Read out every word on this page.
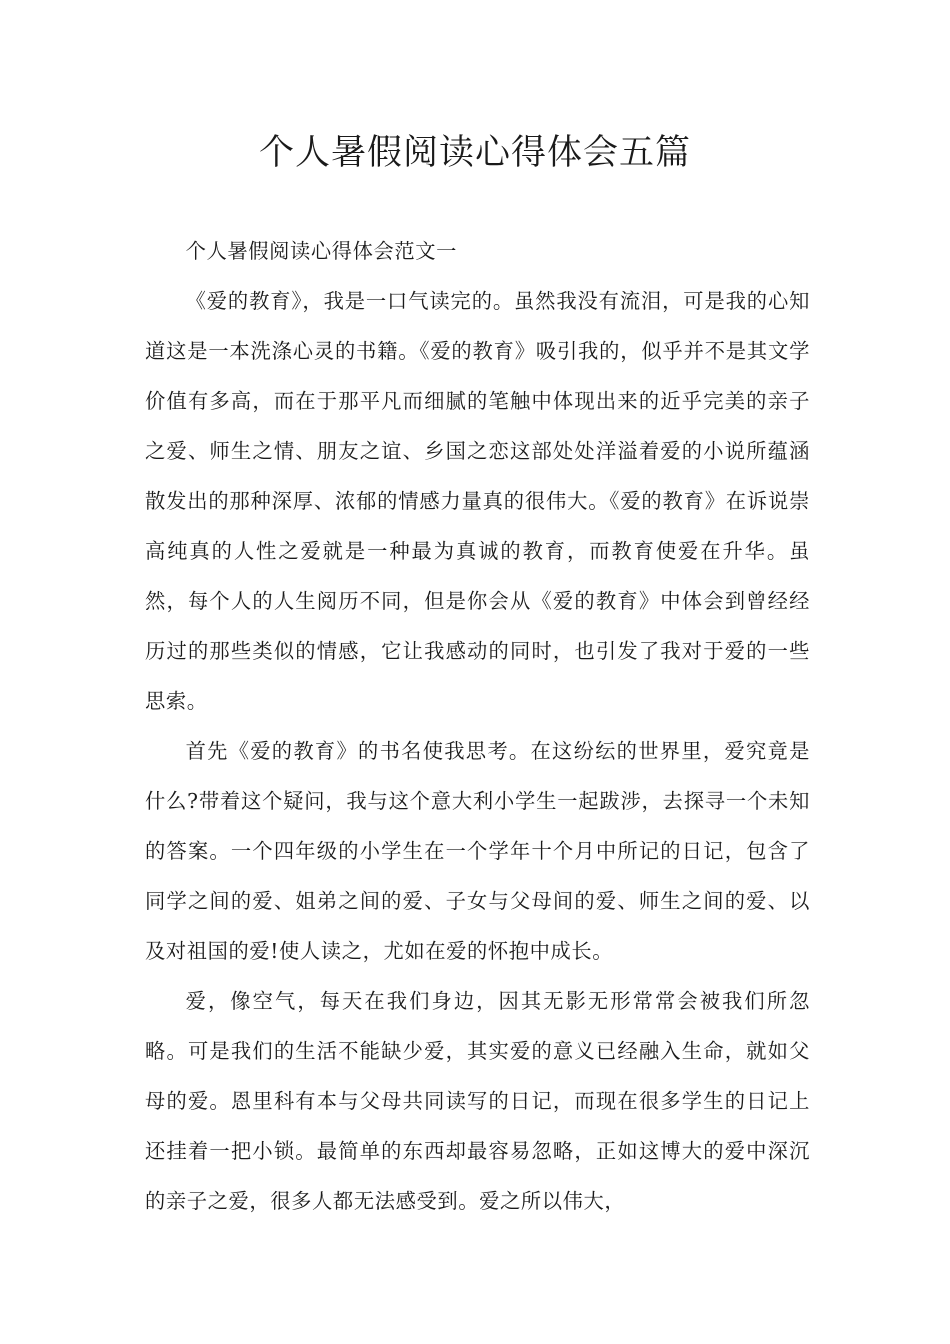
个人暑假阅读心得体会五篇

个人暑假阅读心得体会范文一

《爱的教育》，我是一口气读完的。虽然我没有流泪，可是我的心知道这是一本洗涤心灵的书籍。《爱的教育》吸引我的，似乎并不是其文学价值有多高，而在于那平凡而细腻的笔触中体现出来的近乎完美的亲子之爱、师生之情、朋友之谊、乡国之恋这部处处洋溢着爱的小说所蕴涵散发出的那种深厚、浓郁的情感力量真的很伟大。《爱的教育》在诉说崇高纯真的人性之爱就是一种最为真诚的教育，而教育使爱在升华。虽然，每个人的人生阅历不同，但是你会从《爱的教育》中体会到曾经经历过的那些类似的情感，它让我感动的同时，也引发了我对于爱的一些思索。

首先《爱的教育》的书名使我思考。在这纷纭的世界里，爱究竟是什么?带着这个疑问，我与这个意大利小学生一起跋涉，去探寻一个未知的答案。一个四年级的小学生在一个学年十个月中所记的日记，包含了同学之间的爱、姐弟之间的爱、子女与父母间的爱、师生之间的爱、以及对祖国的爱!使人读之，尤如在爱的怀抱中成长。

爱，像空气，每天在我们身边，因其无影无形常常会被我们所忽略。可是我们的生活不能缺少爱，其实爱的意义已经融入生命，就如父母的爱。恩里科有本与父母共同读写的日记，而现在很多学生的日记上还挂着一把小锁。最简单的东西却最容易忽略，正如这博大的爱中深沉的亲子之爱，很多人都无法感受到。爱之所以伟大，
